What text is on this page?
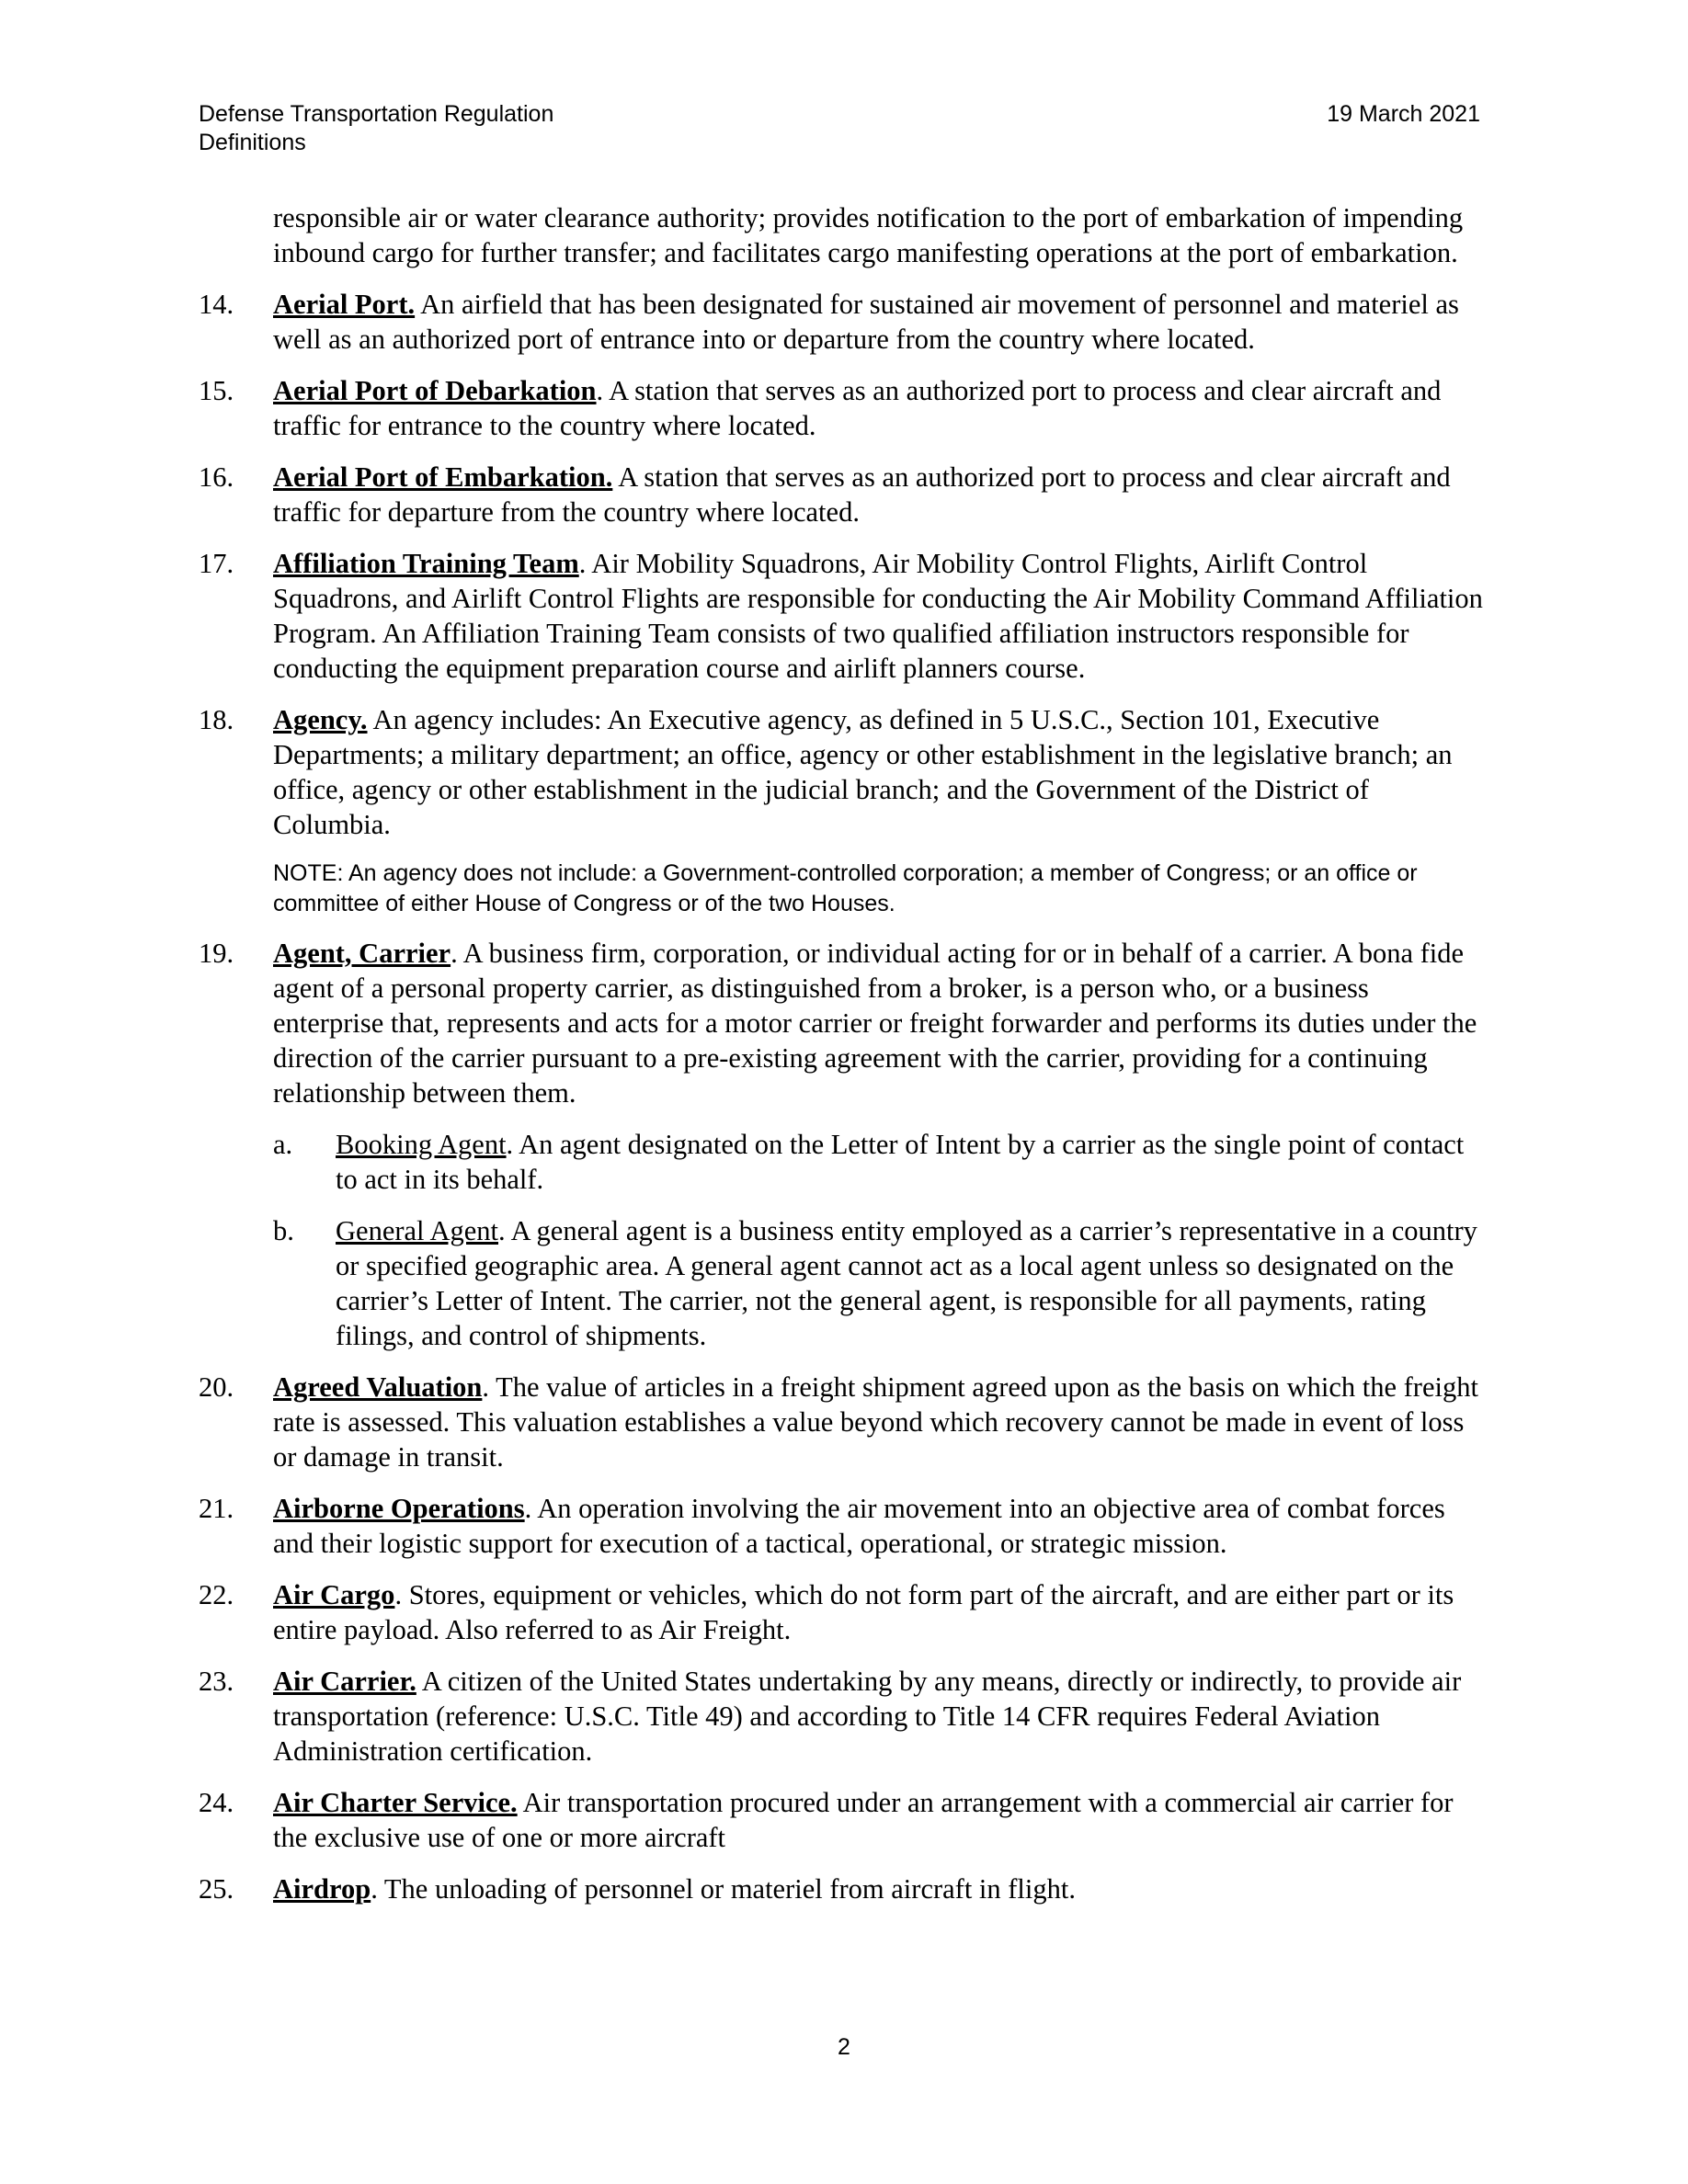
Defense Transportation Regulation
Definitions
19 March 2021

responsible air or water clearance authority; provides notification to the port of embarkation of impending inbound cargo for further transfer; and facilitates cargo manifesting operations at the port of embarkation.

14.	Aerial Port. An airfield that has been designated for sustained air movement of personnel and materiel as well as an authorized port of entrance into or departure from the country where located.
15.	Aerial Port of Debarkation. A station that serves as an authorized port to process and clear aircraft and traffic for entrance to the country where located.
16.	Aerial Port of Embarkation. A station that serves as an authorized port to process and clear aircraft and traffic for departure from the country where located.
17.	Affiliation Training Team. Air Mobility Squadrons, Air Mobility Control Flights, Airlift Control Squadrons, and Airlift Control Flights are responsible for conducting the Air Mobility Command Affiliation Program. An Affiliation Training Team consists of two qualified affiliation instructors responsible for conducting the equipment preparation course and airlift planners course.
18.	Agency. An agency includes: An Executive agency, as defined in 5 U.S.C., Section 101, Executive Departments; a military department; an office, agency or other establishment in the legislative branch; an office, agency or other establishment in the judicial branch; and the Government of the District of Columbia.

NOTE: An agency does not include: a Government-controlled corporation; a member of Congress; or an office or committee of either House of Congress or of the two Houses.

19.	Agent, Carrier. A business firm, corporation, or individual acting for or in behalf of a carrier. A bona fide agent of a personal property carrier, as distinguished from a broker, is a person who, or a business enterprise that, represents and acts for a motor carrier or freight forwarder and performs its duties under the direction of the carrier pursuant to a pre-existing agreement with the carrier, providing for a continuing relationship between them.
a.	Booking Agent. An agent designated on the Letter of Intent by a carrier as the single point of contact to act in its behalf.
b.	General Agent. A general agent is a business entity employed as a carrier’s representative in a country or specified geographic area. A general agent cannot act as a local agent unless so designated on the carrier’s Letter of Intent. The carrier, not the general agent, is responsible for all payments, rating filings, and control of shipments.
20.	Agreed Valuation. The value of articles in a freight shipment agreed upon as the basis on which the freight rate is assessed. This valuation establishes a value beyond which recovery cannot be made in event of loss or damage in transit.
21.	Airborne Operations. An operation involving the air movement into an objective area of combat forces and their logistic support for execution of a tactical, operational, or strategic mission.
22.	Air Cargo. Stores, equipment or vehicles, which do not form part of the aircraft, and are either part or its entire payload. Also referred to as Air Freight.
23.	Air Carrier. A citizen of the United States undertaking by any means, directly or indirectly, to provide air transportation (reference: U.S.C. Title 49) and according to Title 14 CFR requires Federal Aviation Administration certification.
24.	Air Charter Service. Air transportation procured under an arrangement with a commercial air carrier for the exclusive use of one or more aircraft
25.	Airdrop. The unloading of personnel or materiel from aircraft in flight.
2
